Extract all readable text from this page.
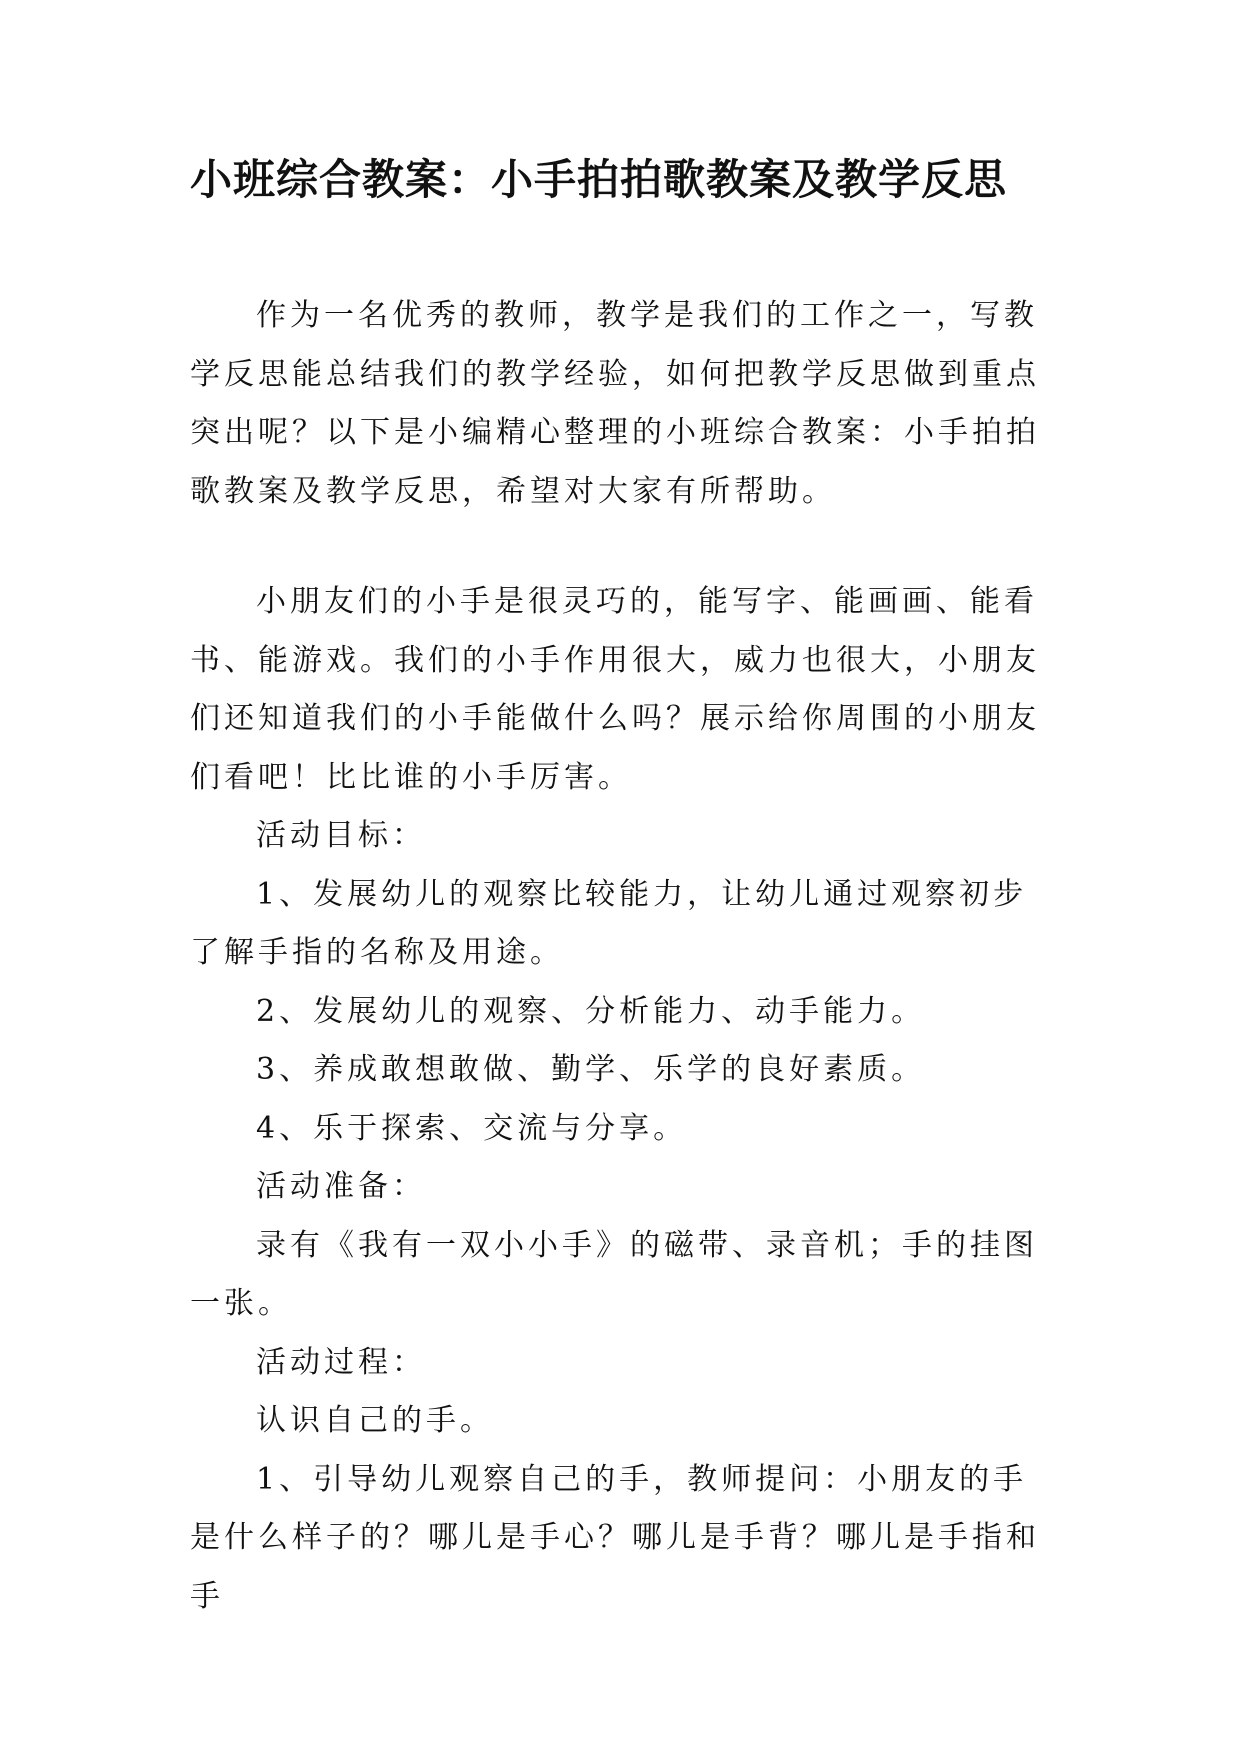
小班综合教案：小手拍拍歌教案及教学反思

作为一名优秀的教师，教学是我们的工作之一，写教学反思能总结我们的教学经验，如何把教学反思做到重点突出呢？以下是小编精心整理的小班综合教案：小手拍拍歌教案及教学反思，希望对大家有所帮助。

小朋友们的小手是很灵巧的，能写字、能画画、能看书、能游戏。我们的小手作用很大，威力也很大，小朋友们还知道我们的小手能做什么吗？展示给你周围的小朋友们看吧！比比谁的小手厉害。

活动目标：

1、发展幼儿的观察比较能力，让幼儿通过观察初步了解手指的名称及用途。

2、发展幼儿的观察、分析能力、动手能力。

3、养成敢想敢做、勤学、乐学的良好素质。

4、乐于探索、交流与分享。

活动准备：

录有《我有一双小小手》的磁带、录音机；手的挂图一张。

活动过程：

认识自己的手。

1、引导幼儿观察自己的手，教师提问：小朋友的手是什么样子的？哪儿是手心？哪儿是手背？哪儿是手指和手
